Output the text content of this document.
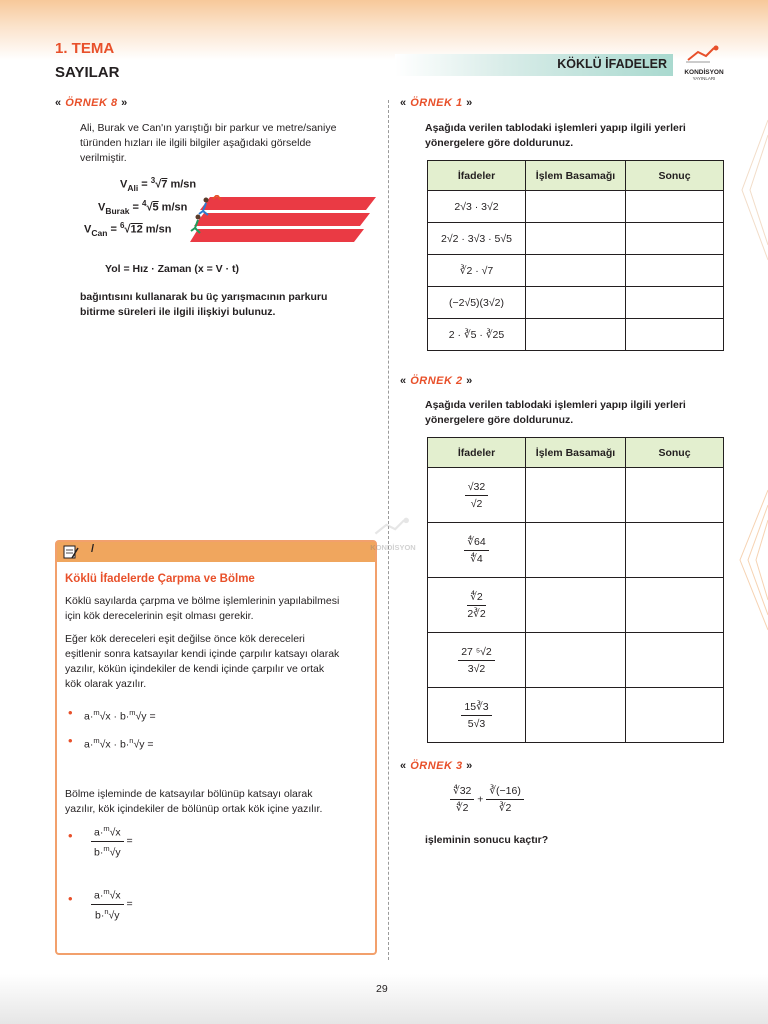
1. TEMA
SAYILAR	KÖKLÜ İFADELER
KONDİSYON
YAYINLARI
« ÖRNEK 8 »
Ali, Burak ve Can'ın yarıştığı bir parkur ve metre/saniye
türünden hızları ile ilgili bilgiler aşağıdaki görselde
verilmiştir.
$V_{Ali} = ^3√7$ m/sn
$V_{Burak} = ^4√5$ m/sn
$V_{Can} = ^6√12$ m/sn
Yol = Hız · Zaman (x = V · t)
bağıntısını kullanarak bu üç yarışmacının parkuru
bitirme süreleri ile ilgili ilişkiyi bulunuz.
/
Köklü İfadelerde Çarpma ve Bölme
Köklü sayılarda çarpma ve bölme işlemlerinin yapılabilmesi
için kök derecelerinin eşit olması gerekir.
Eğer kök dereceleri eşit değilse önce kök dereceleri
eşitlenir sonra katsayılar kendi içinde çarpılır katsayı olarak
yazılır, kökün içindekiler de kendi içinde çarpılır ve ortak
kök olarak yazılır.
• a·$^m$√x · b·$^m$√y =
• a·$^m$√x · b·$^n$√y =
Bölme işleminde de katsayılar bölünüp katsayı olarak
yazılır, kök içindekiler de bölünüp ortak kök içine yazılır.
• $\frac{a\cdot^m√x}{b\cdot^m√y}$ =
• $\frac{a\cdot^m√x}{b\cdot^n√y}$ =
KONDİSYON
« ÖRNEK 1 »
Aşağıda verilen tablodaki işlemleri yapıp ilgili yerleri
yönergelere göre doldurunuz.
İfadeler	İşlem Basamağı	Sonuç
2√3 · 3√2		
2√2 · 3√3 · 5√5		
∛2 · √7		
(−2√5)(3√2)		
2 · ∛5 · ∛25		
« ÖRNEK 2 »
Aşağıda verilen tablodaki işlemleri yapıp ilgili yerleri
yönergelere göre doldurunuz.
İfadeler	İşlem Basamağı	Sonuç

$\frac{√32}{√2}$

$\frac{∜64}{∜4}$

$\frac{∜2}{2∛2}$

$\frac{\text{27 ⁵√2}}{3√2}$

$\frac{15∛3}{5√3}$

« ÖRNEK 3 »
$\frac{∜32}{∜2} + \frac{∛(-16)}{∛2}$
işleminin sonucu kaçtır?
29
